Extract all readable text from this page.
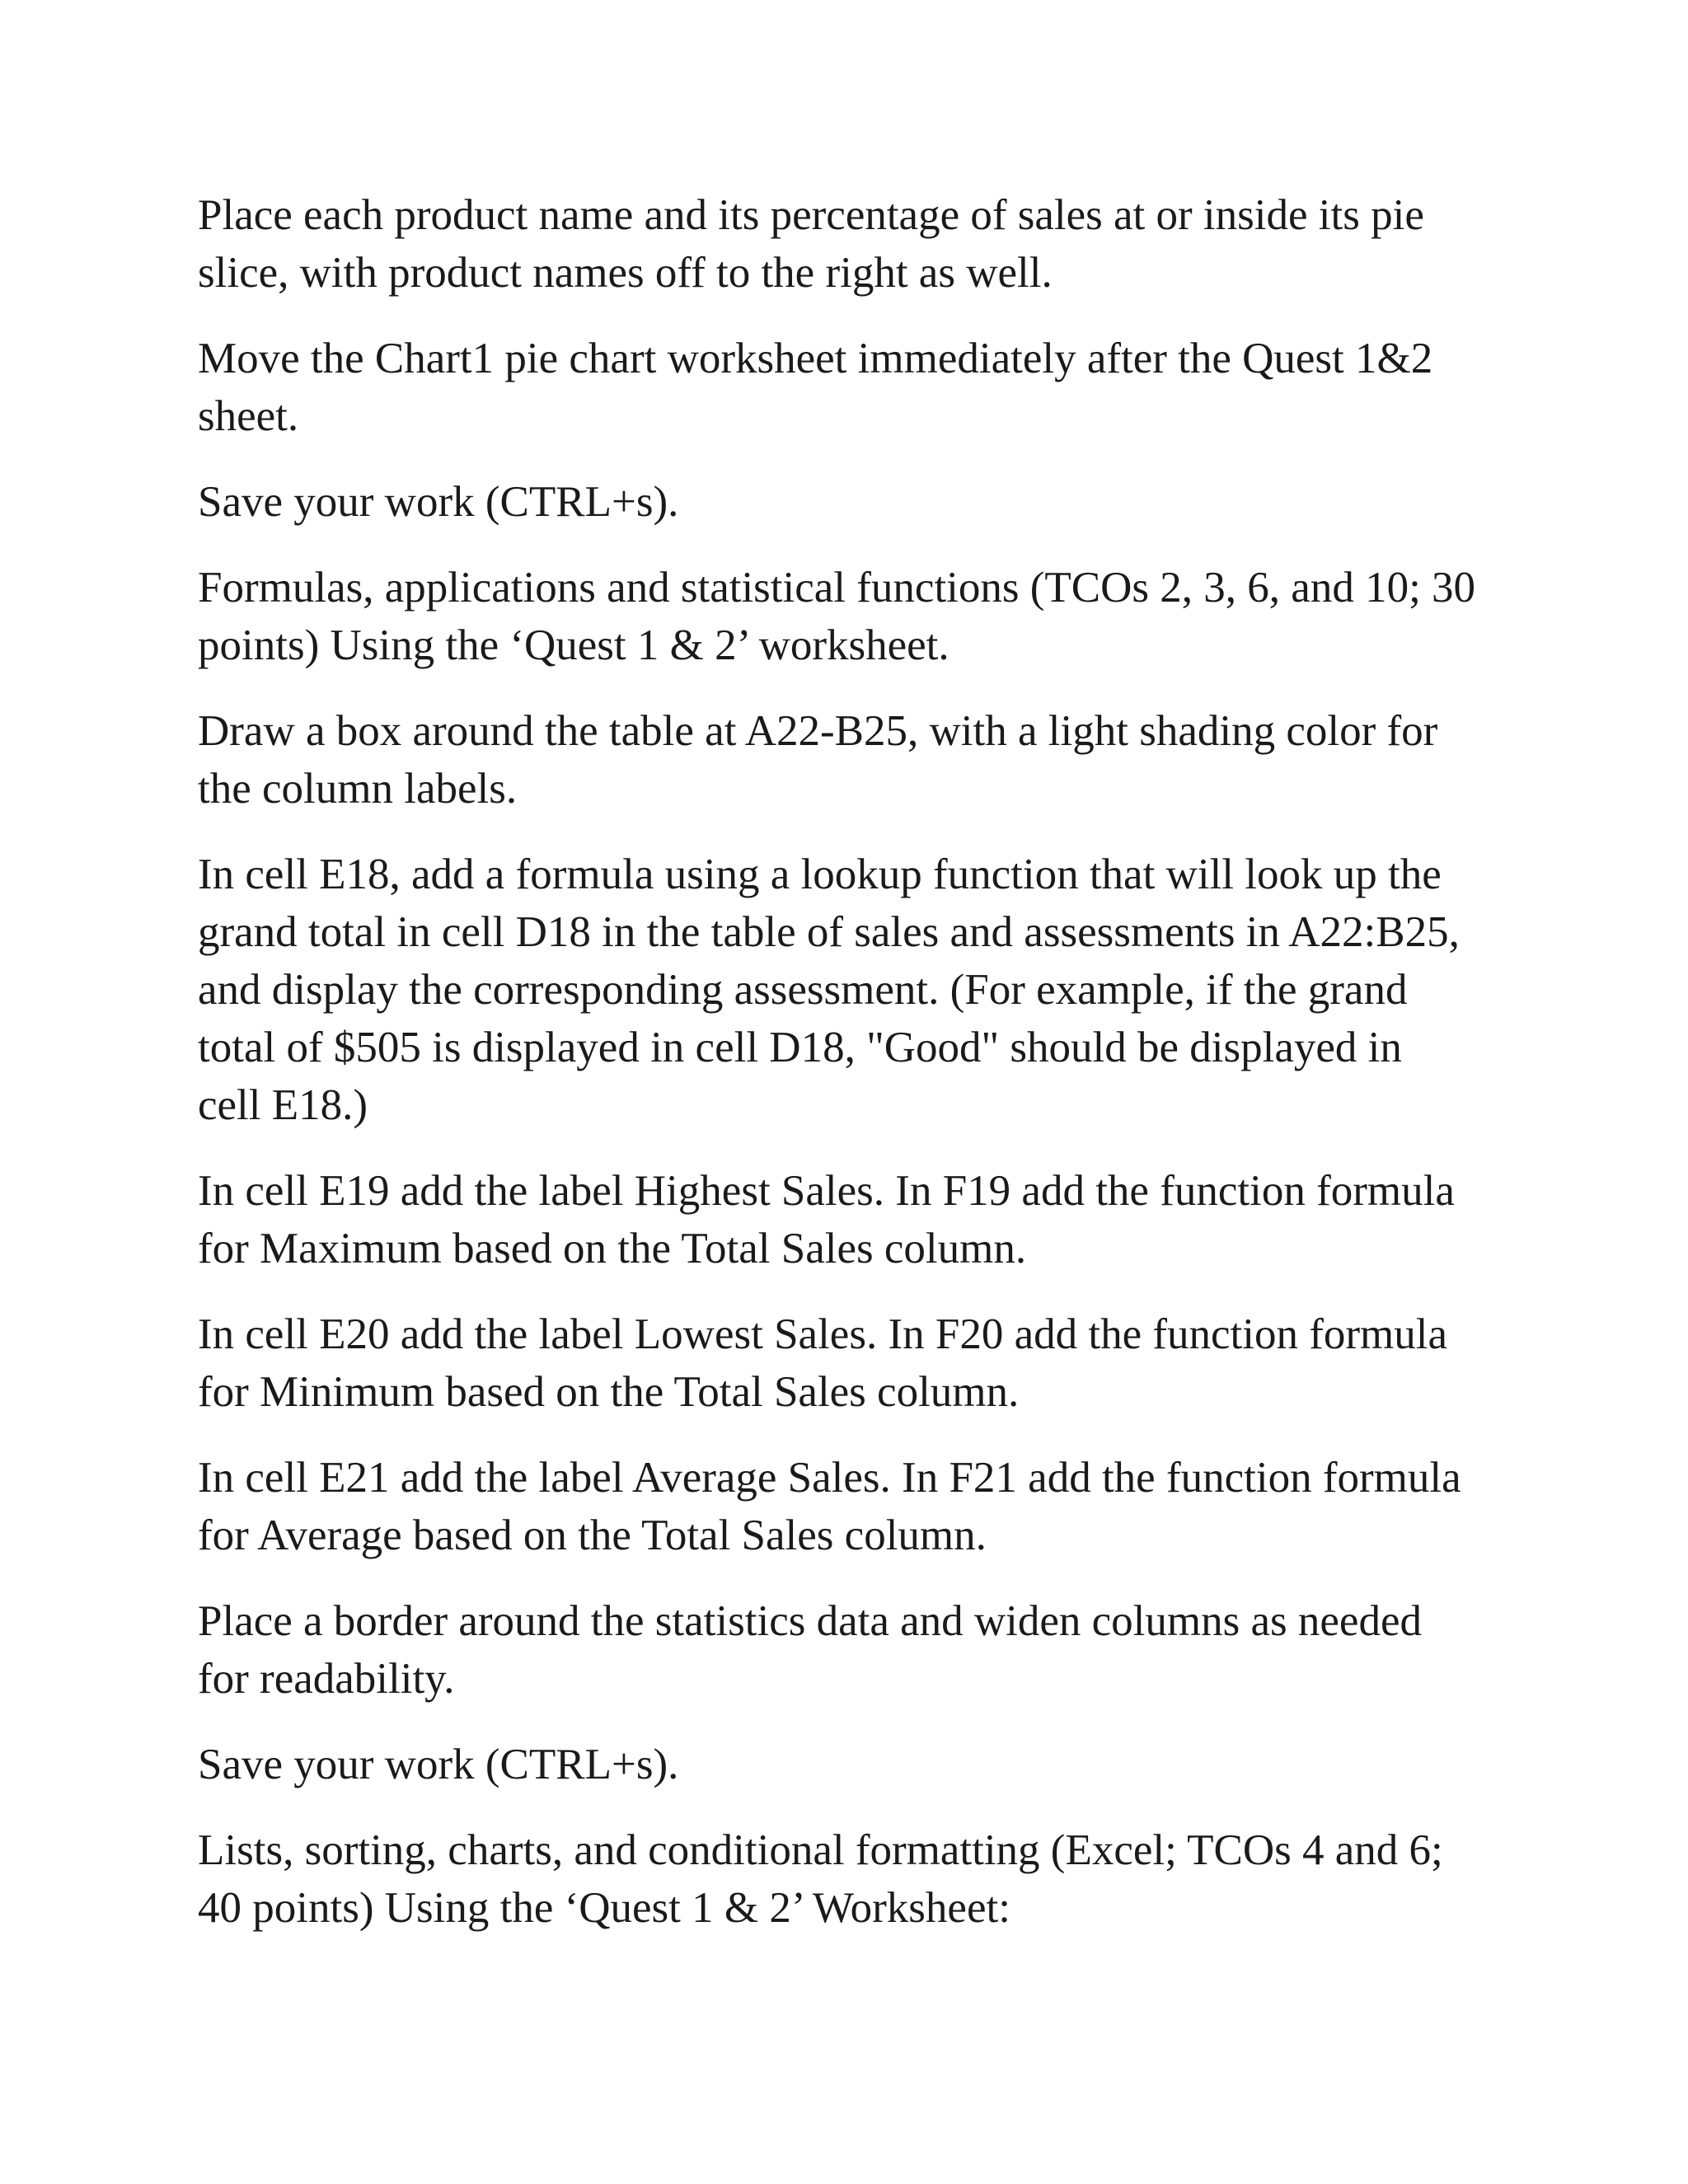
Place each product name and its percentage of sales at or inside its pie
slice, with product names off to the right as well.

Move the Chart1 pie chart worksheet immediately after the Quest 1&2
sheet.

Save your work (CTRL+s).

Formulas, applications and statistical functions (TCOs 2, 3, 6, and 10; 30
points) Using the ‘Quest 1 & 2’ worksheet.

Draw a box around the table at A22-B25, with a light shading color for
the column labels.

In cell E18, add a formula using a lookup function that will look up the
grand total in cell D18 in the table of sales and assessments in A22:B25,
and display the corresponding assessment. (For example, if the grand
total of $505 is displayed in cell D18, "Good" should be displayed in
cell E18.)

In cell E19 add the label Highest Sales. In F19 add the function formula
for Maximum based on the Total Sales column.

In cell E20 add the label Lowest Sales. In F20 add the function formula
for Minimum based on the Total Sales column.

In cell E21 add the label Average Sales. In F21 add the function formula
for Average based on the Total Sales column.

Place a border around the statistics data and widen columns as needed
for readability.

Save your work (CTRL+s).

Lists, sorting, charts, and conditional formatting (Excel; TCOs 4 and 6;
40 points) Using the ‘Quest 1 & 2’ Worksheet:
